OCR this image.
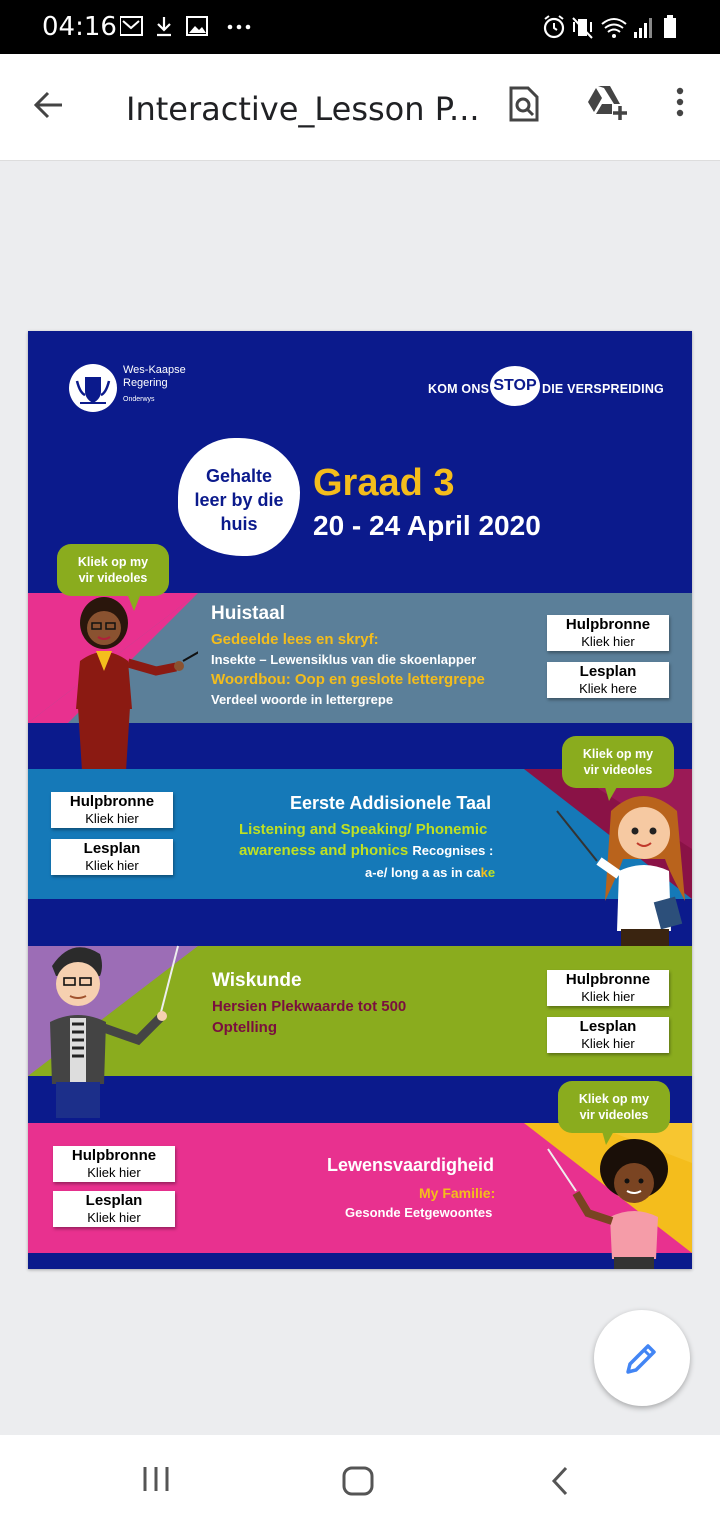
04:16
Interactive_Lesson P...
Wes-Kaapse
Regering
Onderwys
KOM ONS STOP DIE VERSPREIDING
Gehalte
leer by die
huis
Graad 3
20 - 24 April 2020
Huistaal
Gedeelde lees en skryf:
Insekte – Lewensiklus van die skoenlapper
Woordbou: Oop en geslote lettergrepe
Verdeel woorde in lettergrepe
Hulpbronne
Kliek hier
Lesplan
Kliek here
Kliek op my
vir videoles
Eerste Addisionele Taal
Listening and Speaking/ Phonemic
awareness and phonics Recognises :
a-e/ long a as in cake
Hulpbronne
Kliek hier
Lesplan
Kliek hier
Kliek op my
vir videoles
Wiskunde
Hersien Plekwaarde tot 500
Optelling
Hulpbronne
Kliek hier
Lesplan
Kliek hier
Lewensvaardigheid
My Familie:
Gesonde Eetgewoontes
Hulpbronne
Kliek hier
Lesplan
Kliek hier
Kliek op my
vir videoles
